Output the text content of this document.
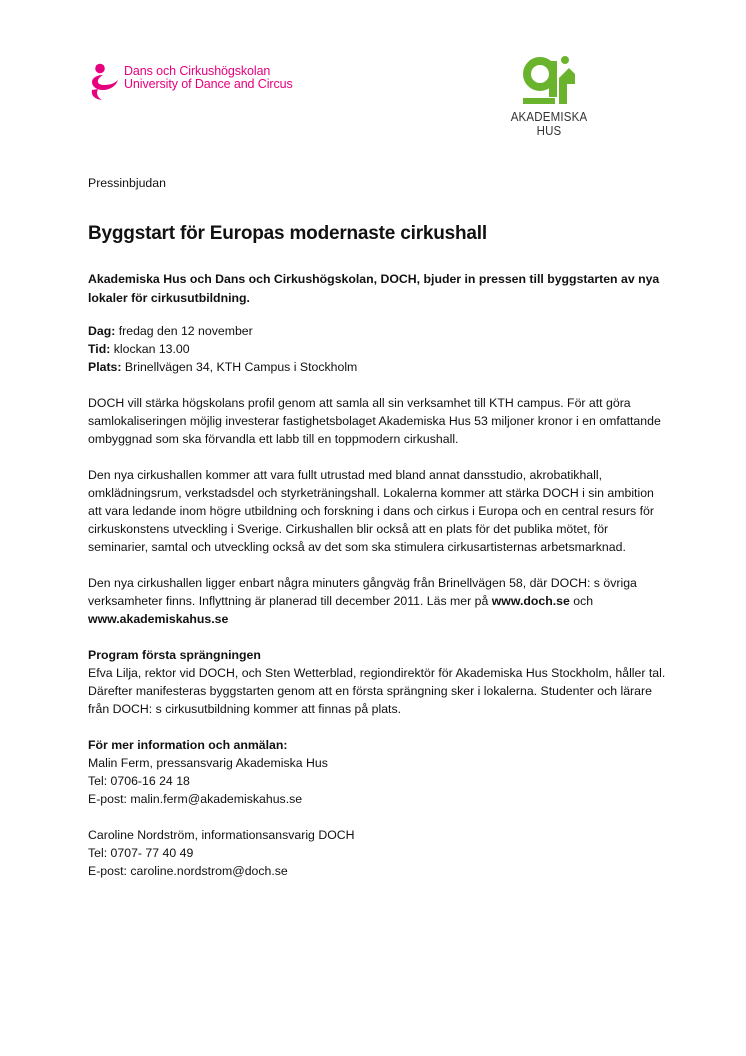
Dans och Cirkushögskolan
University of Dance and Circus
AKADEMISKA HUS

Pressinbjudan

Byggstart för Europas modernaste cirkushall

Akademiska Hus och Dans och Cirkushögskolan, DOCH, bjuder in pressen till byggstarten av nya lokaler för cirkusutbildning.

Dag: fredag den 12 november

Tid: klockan 13.00

Plats: Brinellvägen 34, KTH Campus i Stockholm

DOCH vill stärka högskolans profil genom att samla all sin verksamhet till KTH campus. För att göra samlokaliseringen möjlig investerar fastighetsbolaget Akademiska Hus 53 miljoner kronor i en omfattande ombyggnad som ska förvandla ett labb till en toppmodern cirkushall.

Den nya cirkushallen kommer att vara fullt utrustad med bland annat dansstudio, akrobatikhall, omklädningsrum, verkstadsdel och styrketräningshall. Lokalerna kommer att stärka DOCH i sin ambition att vara ledande inom högre utbildning och forskning i dans och cirkus i Europa och en central resurs för cirkuskonstens utveckling i Sverige. Cirkushallen blir också att en plats för det publika mötet, för seminarier, samtal och utveckling också av det som ska stimulera cirkusartisternas arbetsmarknad.

Den nya cirkushallen ligger enbart några minuters gångväg från Brinellvägen 58, där DOCH: s övriga verksamheter finns. Inflyttning är planerad till december 2011. Läs mer på www.doch.se och www.akademiskahus.se

Program första sprängningen

Efva Lilja, rektor vid DOCH, och Sten Wetterblad, regiondirektör för Akademiska Hus Stockholm, håller tal. Därefter manifesteras byggstarten genom att en första sprängning sker i lokalerna. Studenter och lärare från DOCH: s cirkusutbildning kommer att finnas på plats.

För mer information och anmälan:

Malin Ferm, pressansvarig Akademiska Hus

Tel: 0706-16 24 18

E-post: malin.ferm@akademiskahus.se

Caroline Nordström, informationsansvarig DOCH

Tel: 0707- 77 40 49

E-post: caroline.nordstrom@doch.se
